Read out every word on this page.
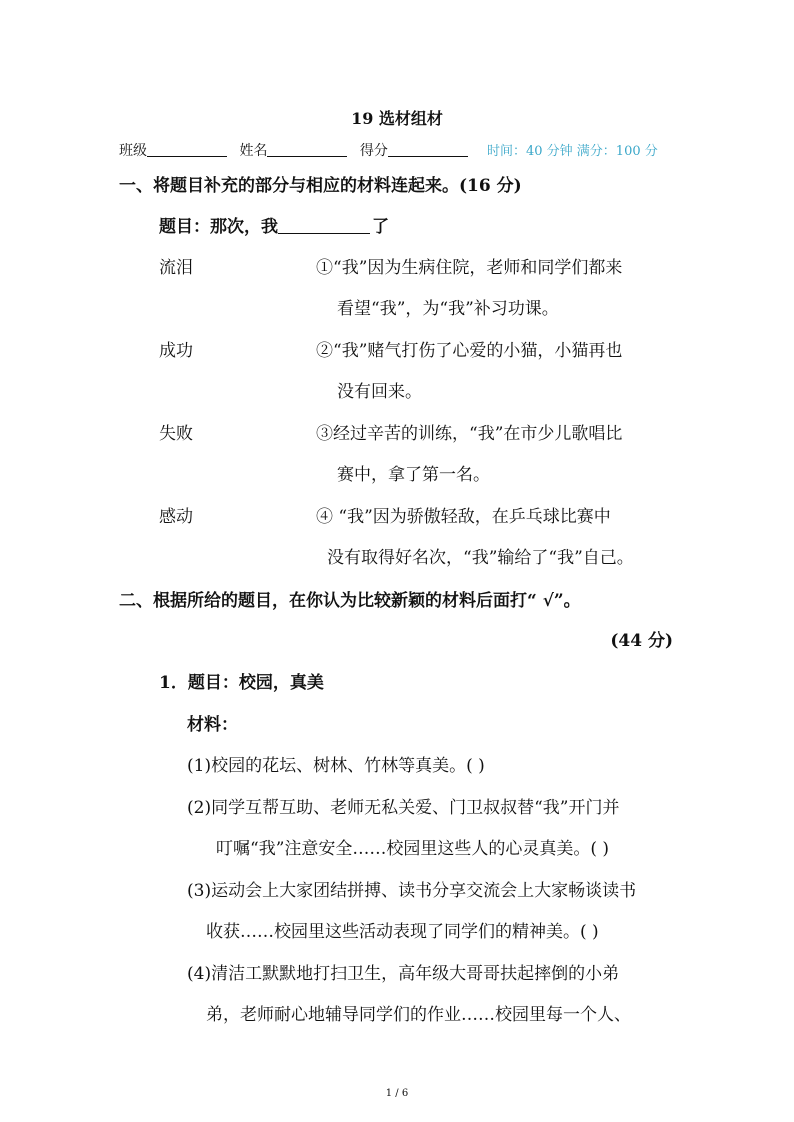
19 选材组材
班级	姓名	得分	时间：40 分钟 满分：100 分
一、将题目补充的部分与相应的材料连起来。(16 分)
题目：那次，我	了
流泪	①“我”因为生病住院，老师和同学们都来
看望“我”，为“我”补习功课。
成功	②“我”赌气打伤了心爱的小猫，小猫再也
没有回来。
失败	③经过辛苦的训练，“我”在市少儿歌唱比
赛中，拿了第一名。
感动	④ “我”因为骄傲轻敌，在乒乓球比赛中
没有取得好名次，“我”输给了“我”自己。
二、根据所给的题目，在你认为比较新颖的材料后面打“ √”。
(44 分)
1．题目：校园，真美
材料：
(1)校园的花坛、树林、竹林等真美。( )
(2)同学互帮互助、老师无私关爱、门卫叔叔替“我”开门并
叮嘱“我”注意安全……校园里这些人的心灵真美。( )
(3)运动会上大家团结拼搏、读书分享交流会上大家畅谈读书
收获……校园里这些活动表现了同学们的精神美。( )
(4)清洁工默默地打扫卫生，高年级大哥哥扶起摔倒的小弟
弟，老师耐心地辅导同学们的作业……校园里每一个人、
1 / 6
